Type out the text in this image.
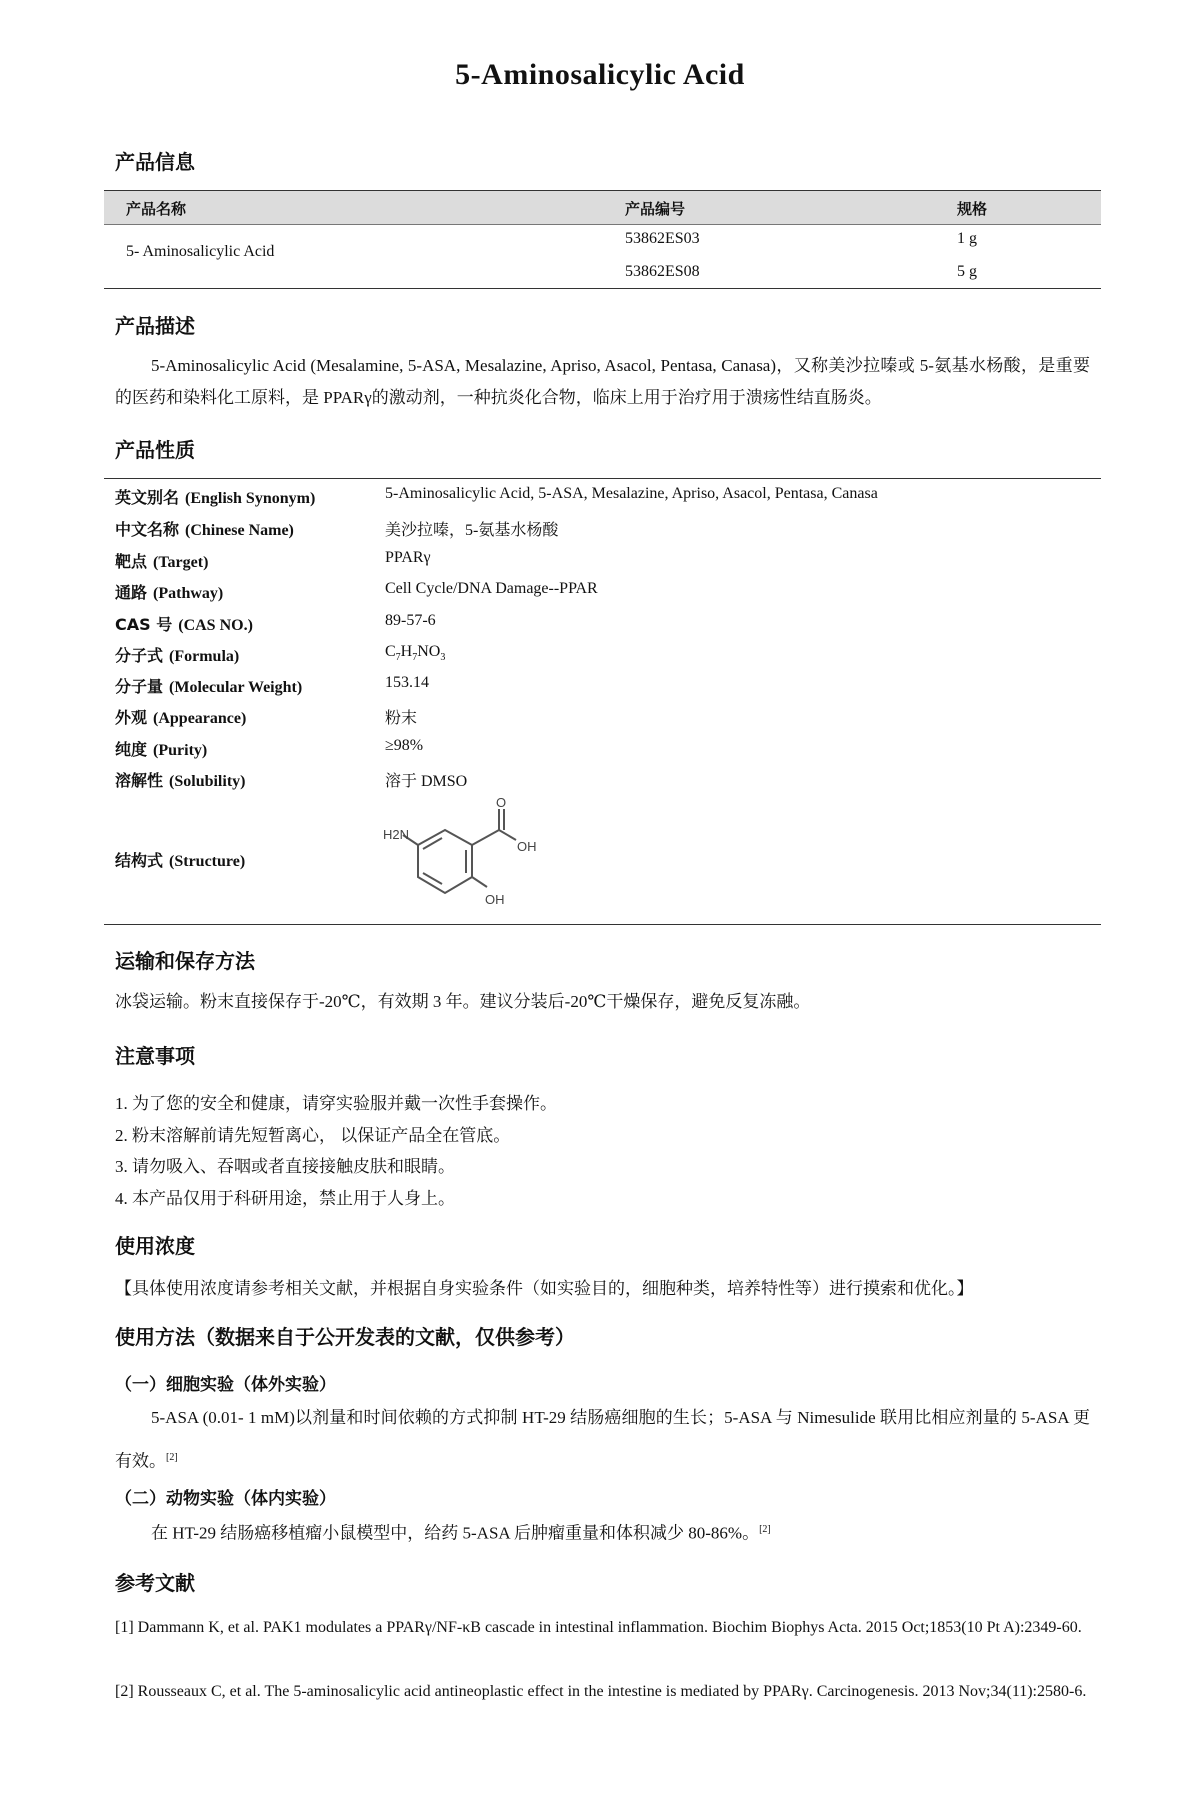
5-Aminosalicylic Acid
产品信息
产品名称	产品编号	规格
5- Aminosalicylic Acid
53862ES03	1 g
53862ES08	5 g
产品描述
5-Aminosalicylic Acid (Mesalamine, 5-ASA, Mesalazine, Apriso, Asacol, Pentasa, Canasa)，又称美沙拉嗪或 5-氨基水杨酸，是重要的医药和染料化工原料，是 PPARγ的激动剂，一种抗炎化合物，临床上用于治疗用于溃疡性结直肠炎。
产品性质
英文别名 (English Synonym)	5-Aminosalicylic Acid, 5-ASA, Mesalazine, Apriso, Asacol, Pentasa, Canasa
中文名称 (Chinese Name)	美沙拉嗪，5-氨基水杨酸
靶点 (Target)	PPARγ
通路 (Pathway)	Cell Cycle/DNA Damage--PPAR
CAS 号 (CAS NO.)	89-57-6
分子式 (Formula)	$C_7H_7NO_3$
分子量 (Molecular Weight)	153.14
外观 (Appearance)	粉末
纯度 (Purity)	≥98%
溶解性 (Solubility)	溶于 DMSO
结构式 (Structure)
H2N
O
OH
OH
运输和保存方法
冰袋运输。粉末直接保存于-20℃，有效期 3 年。建议分装后-20℃干燥保存，避免反复冻融。
注意事项
1. 为了您的安全和健康，请穿实验服并戴一次性手套操作。
2. 粉末溶解前请先短暂离心， 以保证产品全在管底。
3. 请勿吸入、吞咽或者直接接触皮肤和眼睛。
4. 本产品仅用于科研用途，禁止用于人身上。
使用浓度
【具体使用浓度请参考相关文献，并根据自身实验条件（如实验目的，细胞种类，培养特性等）进行摸索和优化。】
使用方法（数据来自于公开发表的文献，仅供参考）
（一）细胞实验（体外实验）
5-ASA (0.01- 1 mM)以剂量和时间依赖的方式抑制 HT-29 结肠癌细胞的生长；5-ASA 与 Nimesulide 联用比相应剂量的 5-ASA 更有效。[2]
（二）动物实验（体内实验）
在 HT-29 结肠癌移植瘤小鼠模型中，给药 5-ASA 后肿瘤重量和体积减少 80-86%。[2]
参考文献
[1] Dammann K, et al. PAK1 modulates a PPARγ/NF-κB cascade in intestinal inflammation. Biochim Biophys Acta. 2015 Oct;1853(10 Pt A):2349-60.
[2] Rousseaux C, et al. The 5-aminosalicylic acid antineoplastic effect in the intestine is mediated by PPARγ. Carcinogenesis. 2013 Nov;34(11):2580-6.
